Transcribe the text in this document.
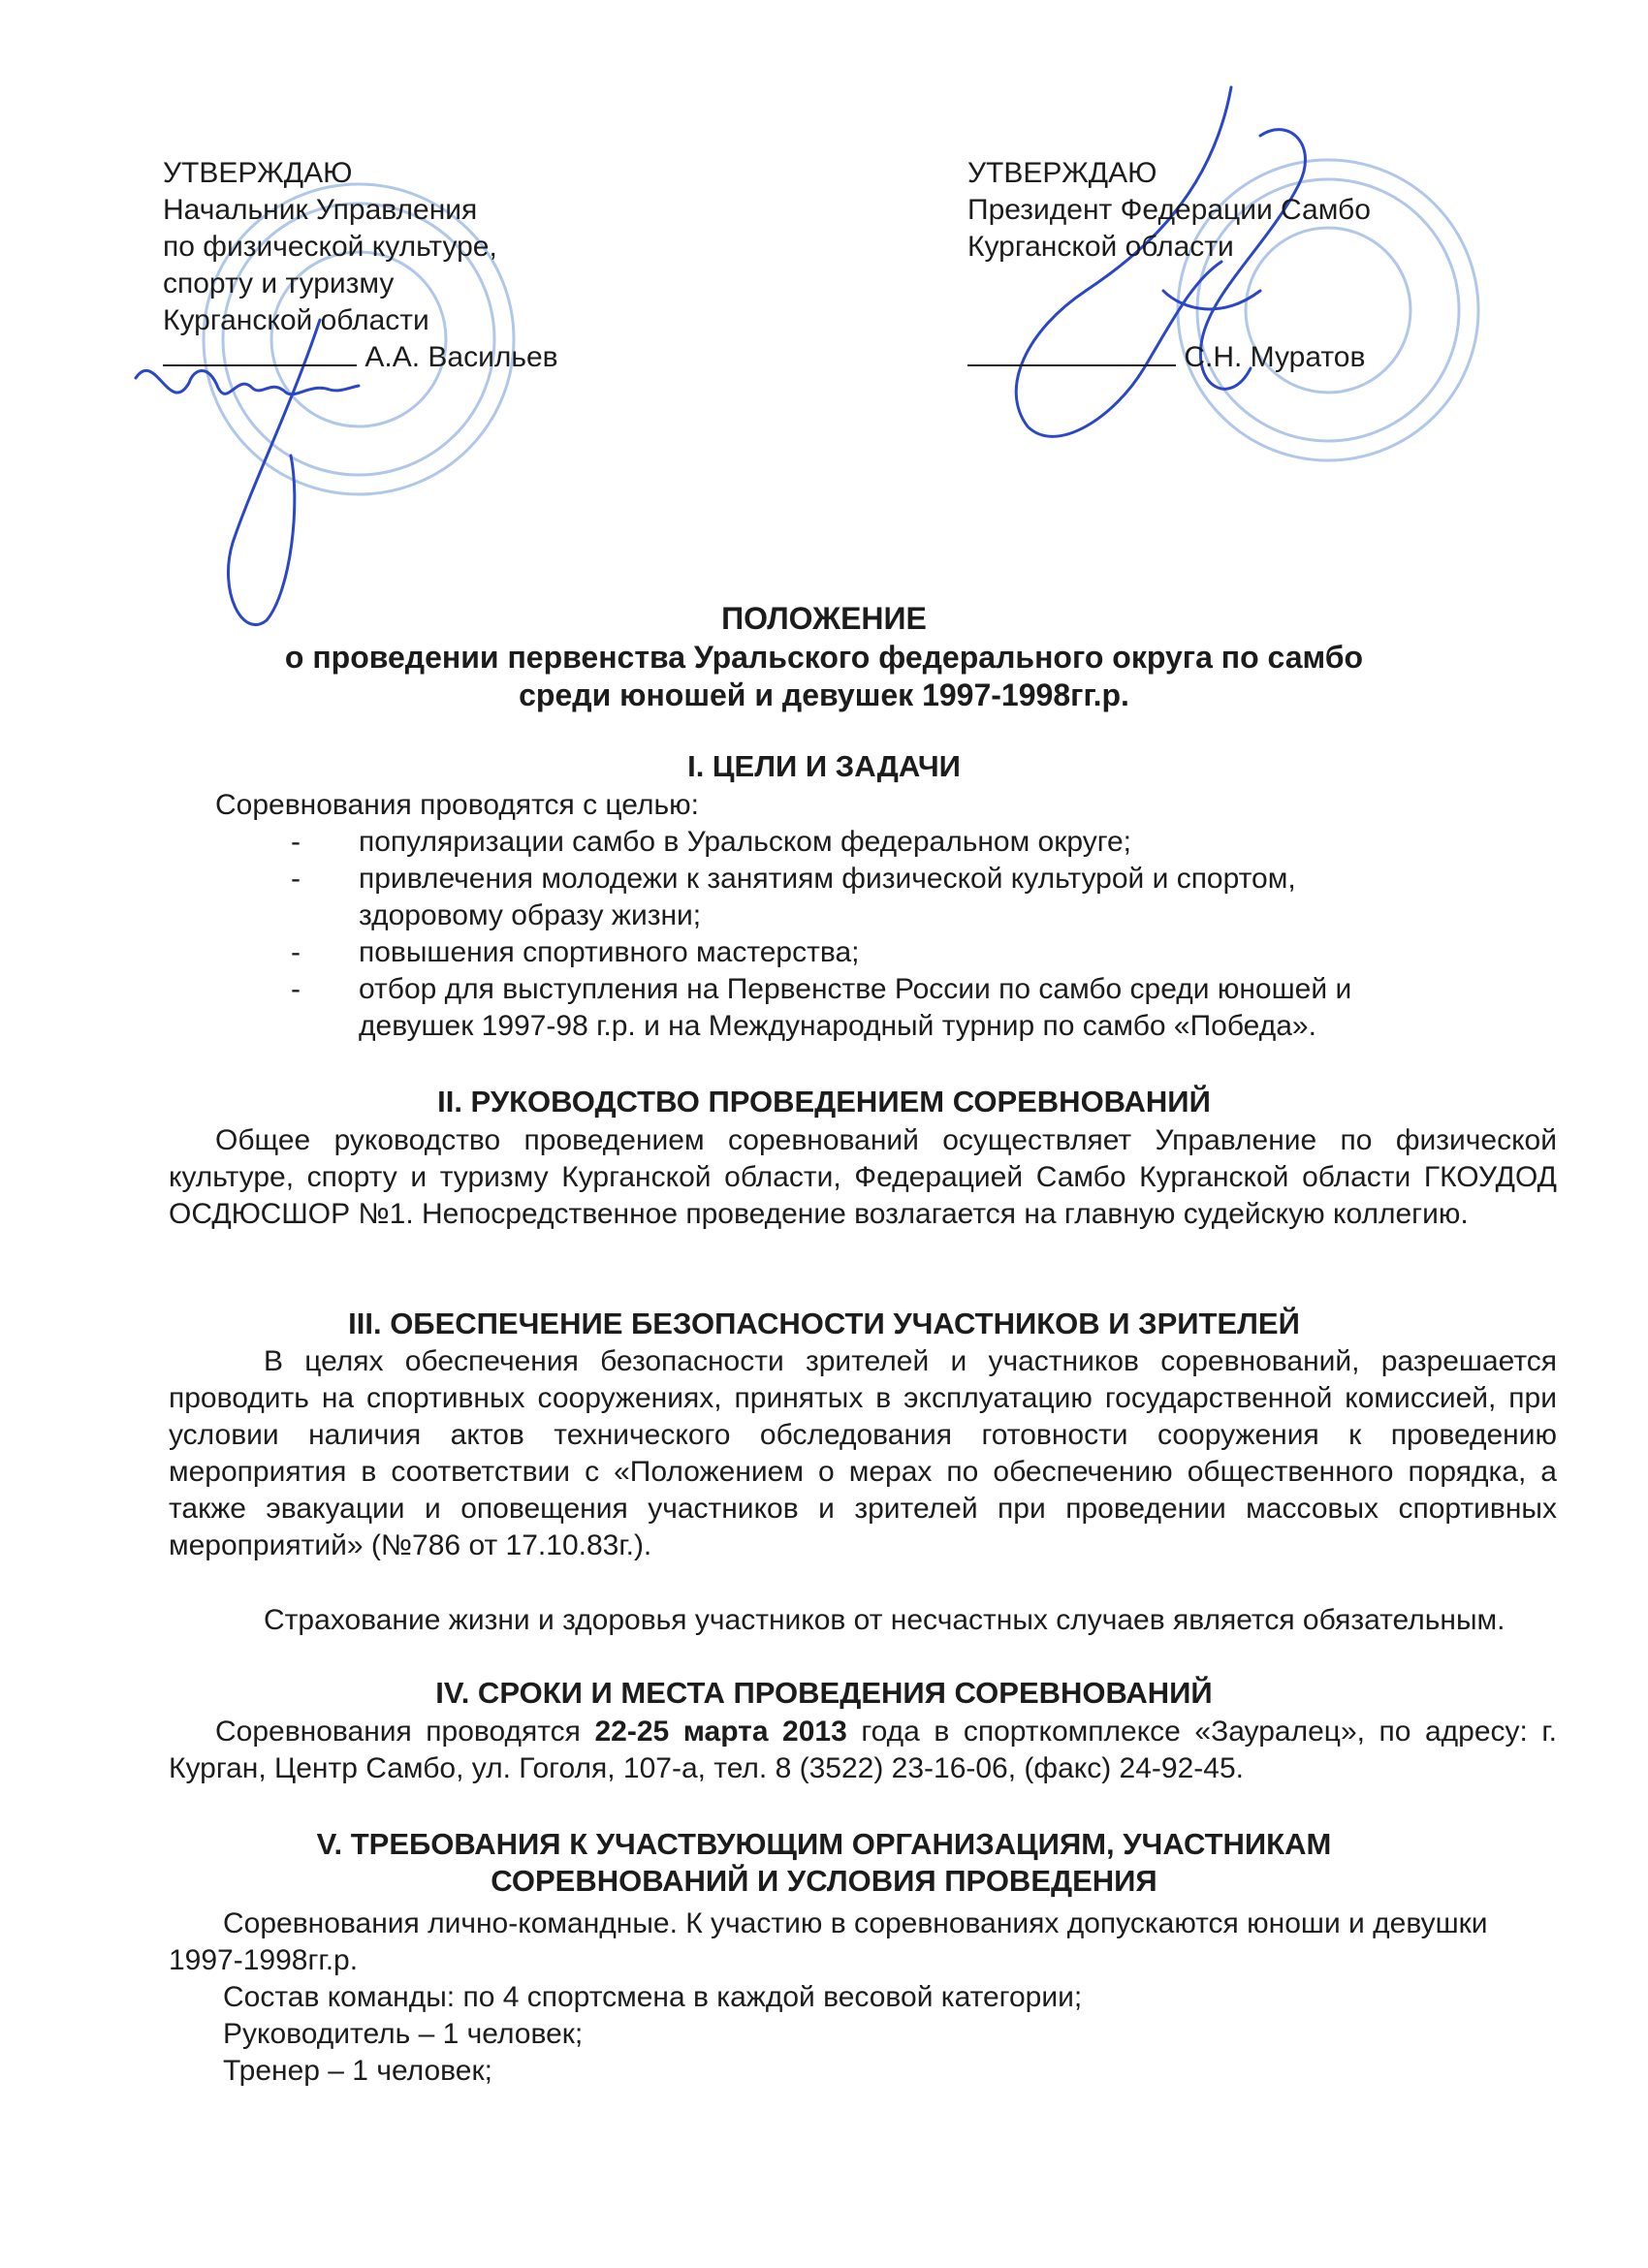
УТВЕРЖДАЮ
Начальник Управления
по физической культуре,
спорту и туризму
Курганской области
А.А. Васильев
УТВЕРЖДАЮ
Президент Федерации Самбо
Курганской области
С.Н. Муратов
ПОЛОЖЕНИЕ
о проведении первенства Уральского федерального округа по самбо
среди юношей и девушек 1997-1998гг.р.
I. ЦЕЛИ И ЗАДАЧИ
Соревнования проводятся с целью:
- популяризации самбо в Уральском федеральном округе;
- привлечения молодежи к занятиям физической культурой и спортом,
здоровому образу жизни;
- повышения спортивного мастерства;
- отбор для выступления на Первенстве России по самбо среди юношей и
девушек 1997-98 г.р. и на Международный турнир по самбо «Победа».
II. РУКОВОДСТВО ПРОВЕДЕНИЕМ СОРЕВНОВАНИЙ
Общее руководство проведением соревнований осуществляет Управление по физической культуре, спорту и туризму Курганской области, Федерацией Самбо Курганской области ГКОУДОД ОСДЮСШОР №1. Непосредственное проведение возлагается на главную судейскую коллегию.
III. ОБЕСПЕЧЕНИЕ БЕЗОПАСНОСТИ УЧАСТНИКОВ И ЗРИТЕЛЕЙ
В целях обеспечения безопасности зрителей и участников соревнований, разрешается проводить на спортивных сооружениях, принятых в эксплуатацию государственной комиссией, при условии наличия актов технического обследования готовности сооружения к проведению мероприятия в соответствии с «Положением о мерах по обеспечению общественного порядка, а также эвакуации и оповещения участников и зрителей при проведении массовых спортивных мероприятий» (№786 от 17.10.83г.).
Страхование жизни и здоровья участников от несчастных случаев является обязательным.
IV. СРОКИ И МЕСТА ПРОВЕДЕНИЯ СОРЕВНОВАНИЙ
Соревнования проводятся 22-25 марта 2013 года в спорткомплексе «Зауралец», по адресу: г. Курган, Центр Самбо, ул. Гоголя, 107-а, тел. 8 (3522) 23-16-06, (факс) 24-92-45.
V. ТРЕБОВАНИЯ К УЧАСТВУЮЩИМ ОРГАНИЗАЦИЯМ, УЧАСТНИКАМ
СОРЕВНОВАНИЙ И УСЛОВИЯ ПРОВЕДЕНИЯ
Соревнования лично-командные. К участию в соревнованиях допускаются юноши и девушки 1997-1998гг.р.
Состав команды: по 4 спортсмена в каждой весовой категории;
Руководитель – 1 человек;
Тренер – 1 человек;
